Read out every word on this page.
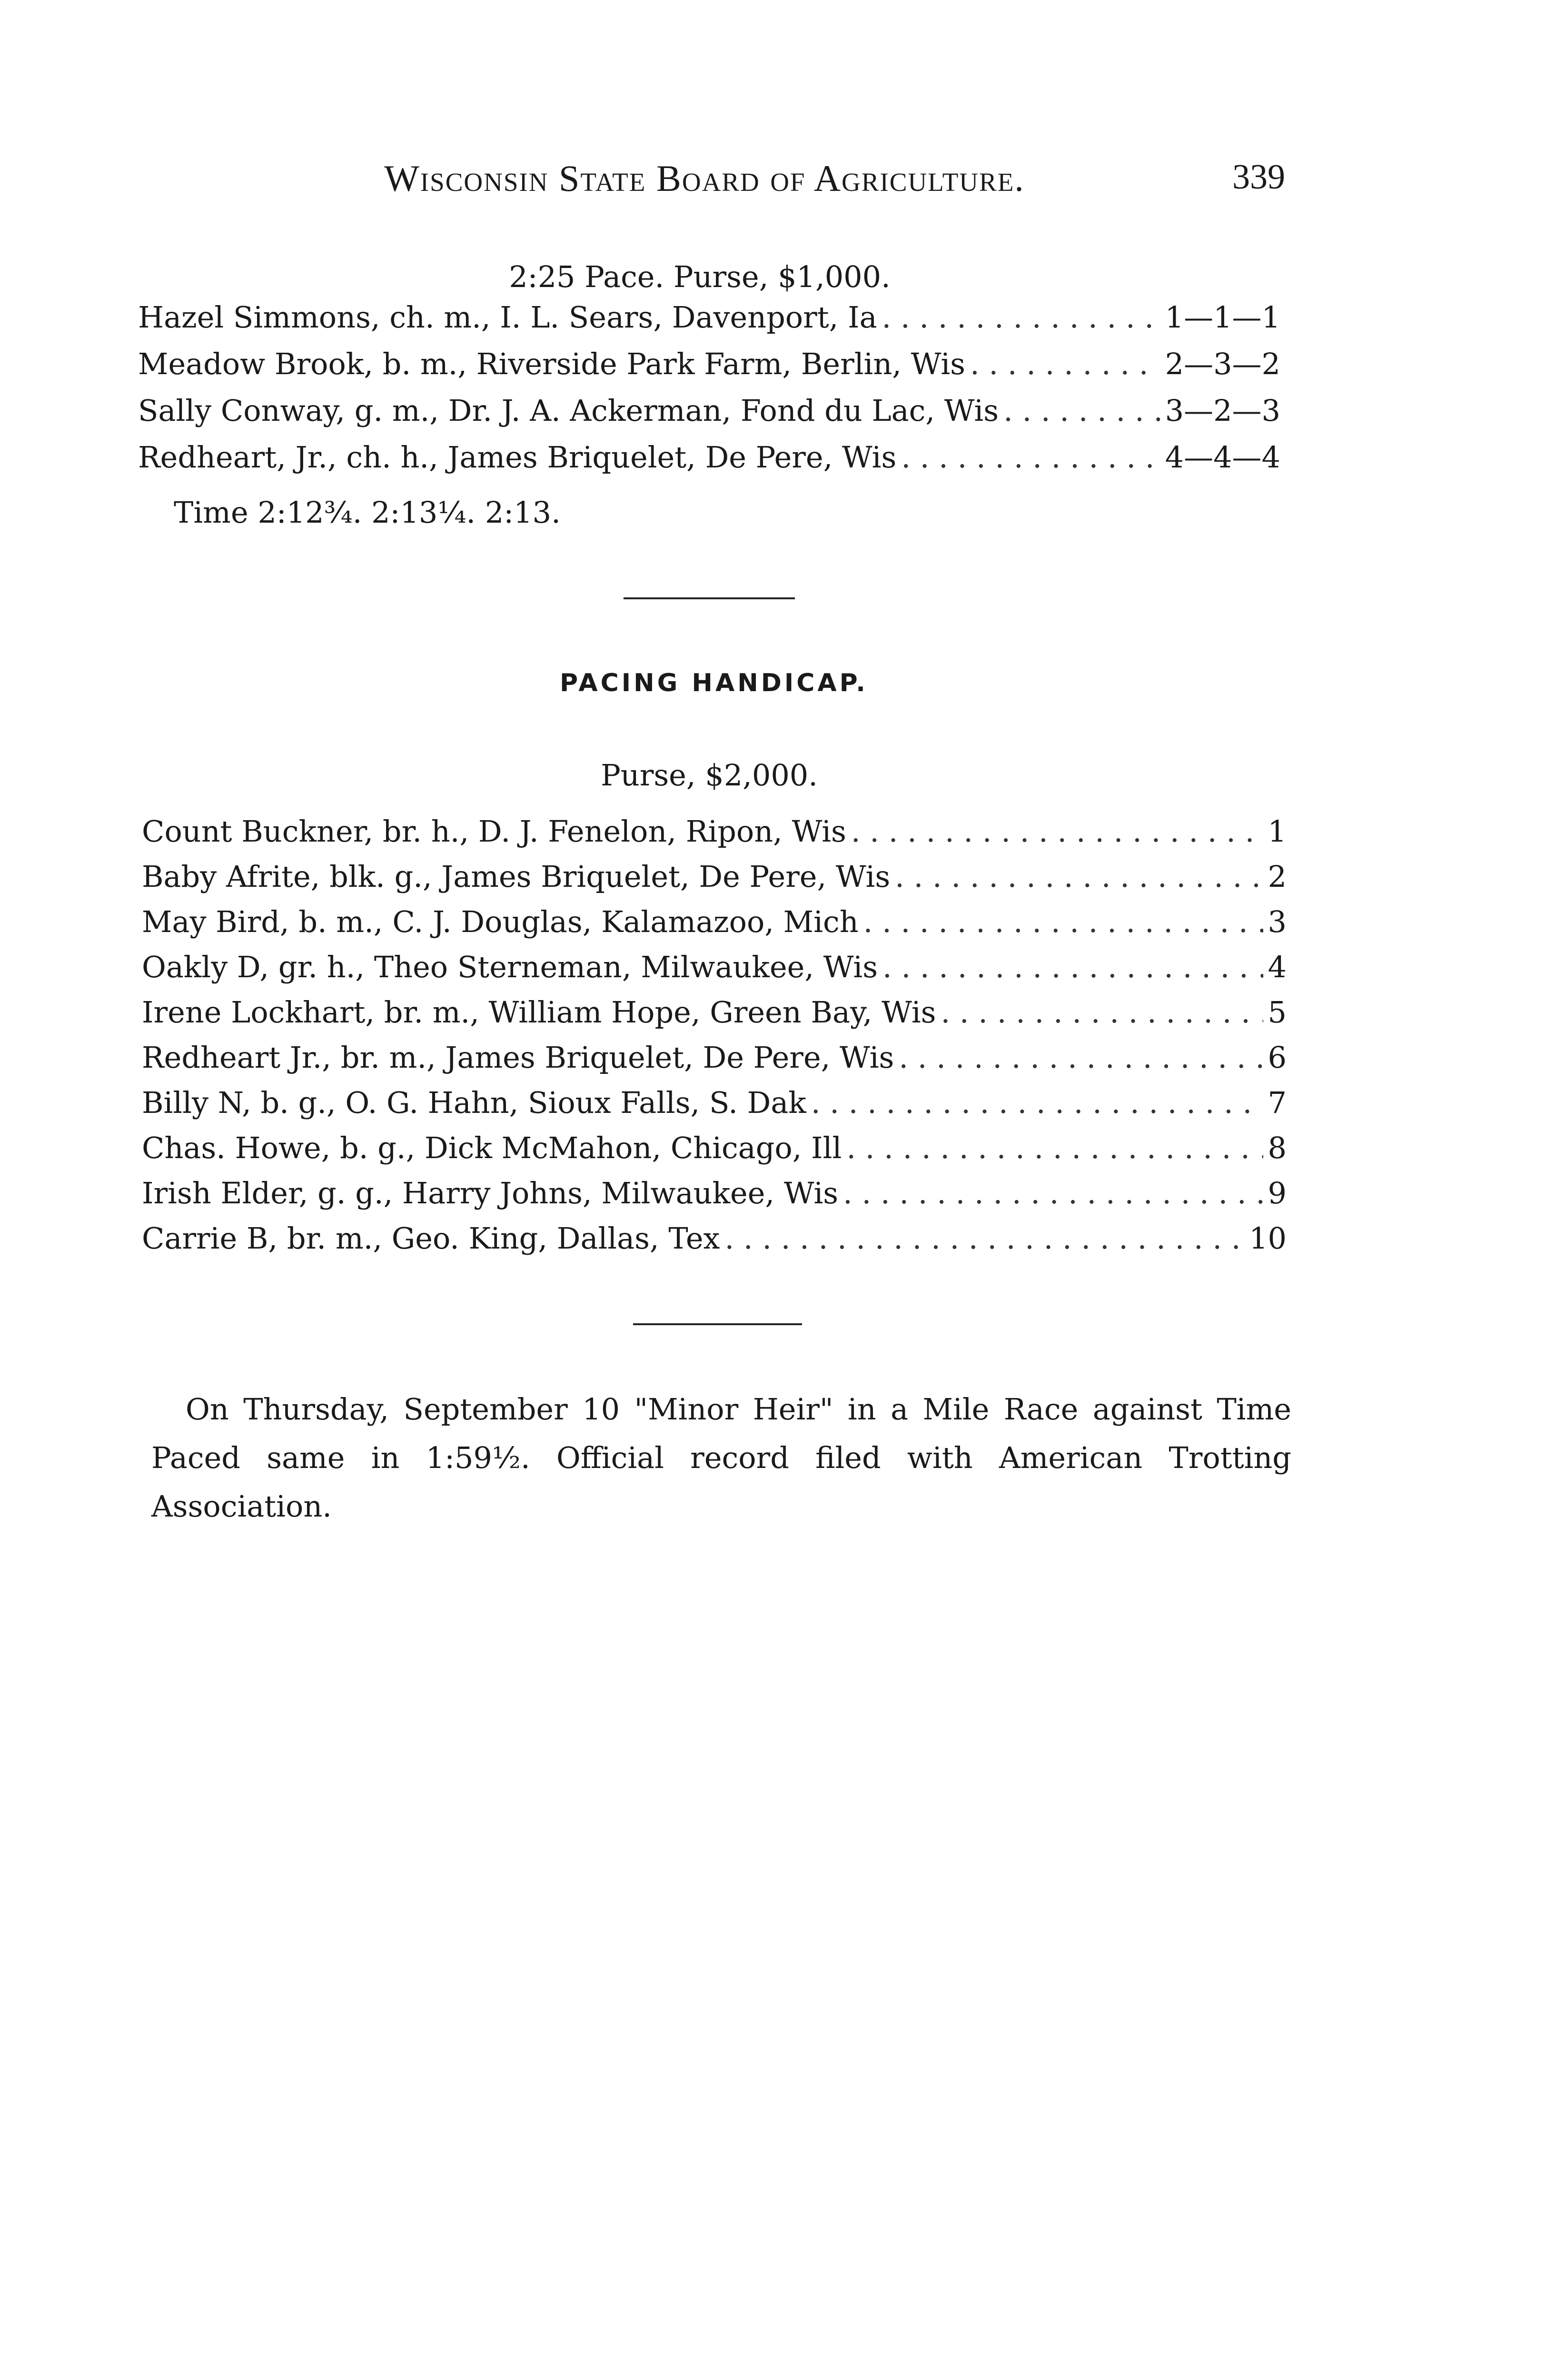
Wisconsin State Board of Agriculture.	339
2:25 Pace. Purse, $1,000.
Hazel Simmons, ch. m., I. L. Sears, Davenport, Ia . . .	1—1—1
Meadow Brook, b. m., Riverside Park Farm, Berlin, Wis . . .	2—3—2
Sally Conway, g. m., Dr. J. A. Ackerman, Fond du Lac, Wis . . .	3—2—3
Redheart, Jr., ch. h., James Briquelet, De Pere, Wis . . .	4—4—4
Time 2:12¾. 2:13¼. 2:13.
PACING HANDICAP.
Purse, $2,000.
Count Buckner, br. h., D. J. Fenelon, Ripon, Wis . . .	1
Baby Afrite, blk. g., James Briquelet, De Pere, Wis . . .	2
May Bird, b. m., C. J. Douglas, Kalamazoo, Mich . . .	3
Oakly D, gr. h., Theo Sterneman, Milwaukee, Wis . . .	4
Irene Lockhart, br. m., William Hope, Green Bay, Wis . . .	5
Redheart Jr., br. m., James Briquelet, De Pere, Wis . . .	6
Billy N, b. g., O. G. Hahn, Sioux Falls, S. Dak . . .	7
Chas. Howe, b. g., Dick McMahon, Chicago, Ill . . .	8
Irish Elder, g. g., Harry Johns, Milwaukee, Wis . . .	9
Carrie B, br. m., Geo. King, Dallas, Tex . . .	10
On Thursday, September 10 "Minor Heir" in a Mile Race against Time Paced same in 1:59½. Official record filed with American Trotting Association.
